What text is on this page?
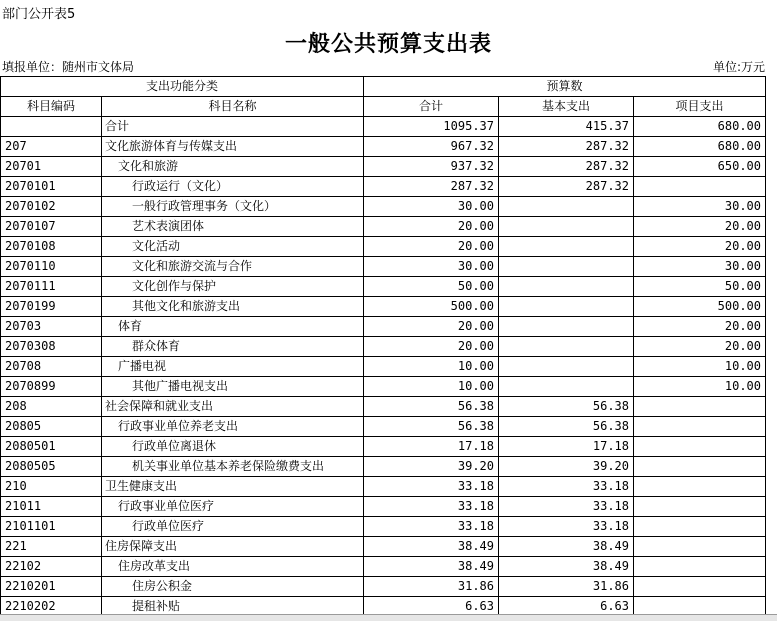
部门公开表5
一般公共预算支出表
填报单位：随州市文体局	单位:万元
支出功能分类		预算数		
科目编码	科目名称	合计	基本支出	项目支出
	合计	1095.37	415.37	680.00
207	文化旅游体育与传媒支出	967.32	287.32	680.00
20701	文化和旅游	937.32	287.32	650.00
2070101	行政运行（文化）	287.32	287.32	
2070102	一般行政管理事务（文化）	30.00		30.00
2070107	艺术表演团体	20.00		20.00
2070108	文化活动	20.00		20.00
2070110	文化和旅游交流与合作	30.00		30.00
2070111	文化创作与保护	50.00		50.00
2070199	其他文化和旅游支出	500.00		500.00
20703	体育	20.00		20.00
2070308	群众体育	20.00		20.00
20708	广播电视	10.00		10.00
2070899	其他广播电视支出	10.00		10.00
208	社会保障和就业支出	56.38	56.38	
20805	行政事业单位养老支出	56.38	56.38	
2080501	行政单位离退休	17.18	17.18	
2080505	机关事业单位基本养老保险缴费支出	39.20	39.20	
210	卫生健康支出	33.18	33.18	
21011	行政事业单位医疗	33.18	33.18	
2101101	行政单位医疗	33.18	33.18	
221	住房保障支出	38.49	38.49	
22102	住房改革支出	38.49	38.49	
2210201	住房公积金	31.86	31.86	
2210202	提租补贴	6.63	6.63	
